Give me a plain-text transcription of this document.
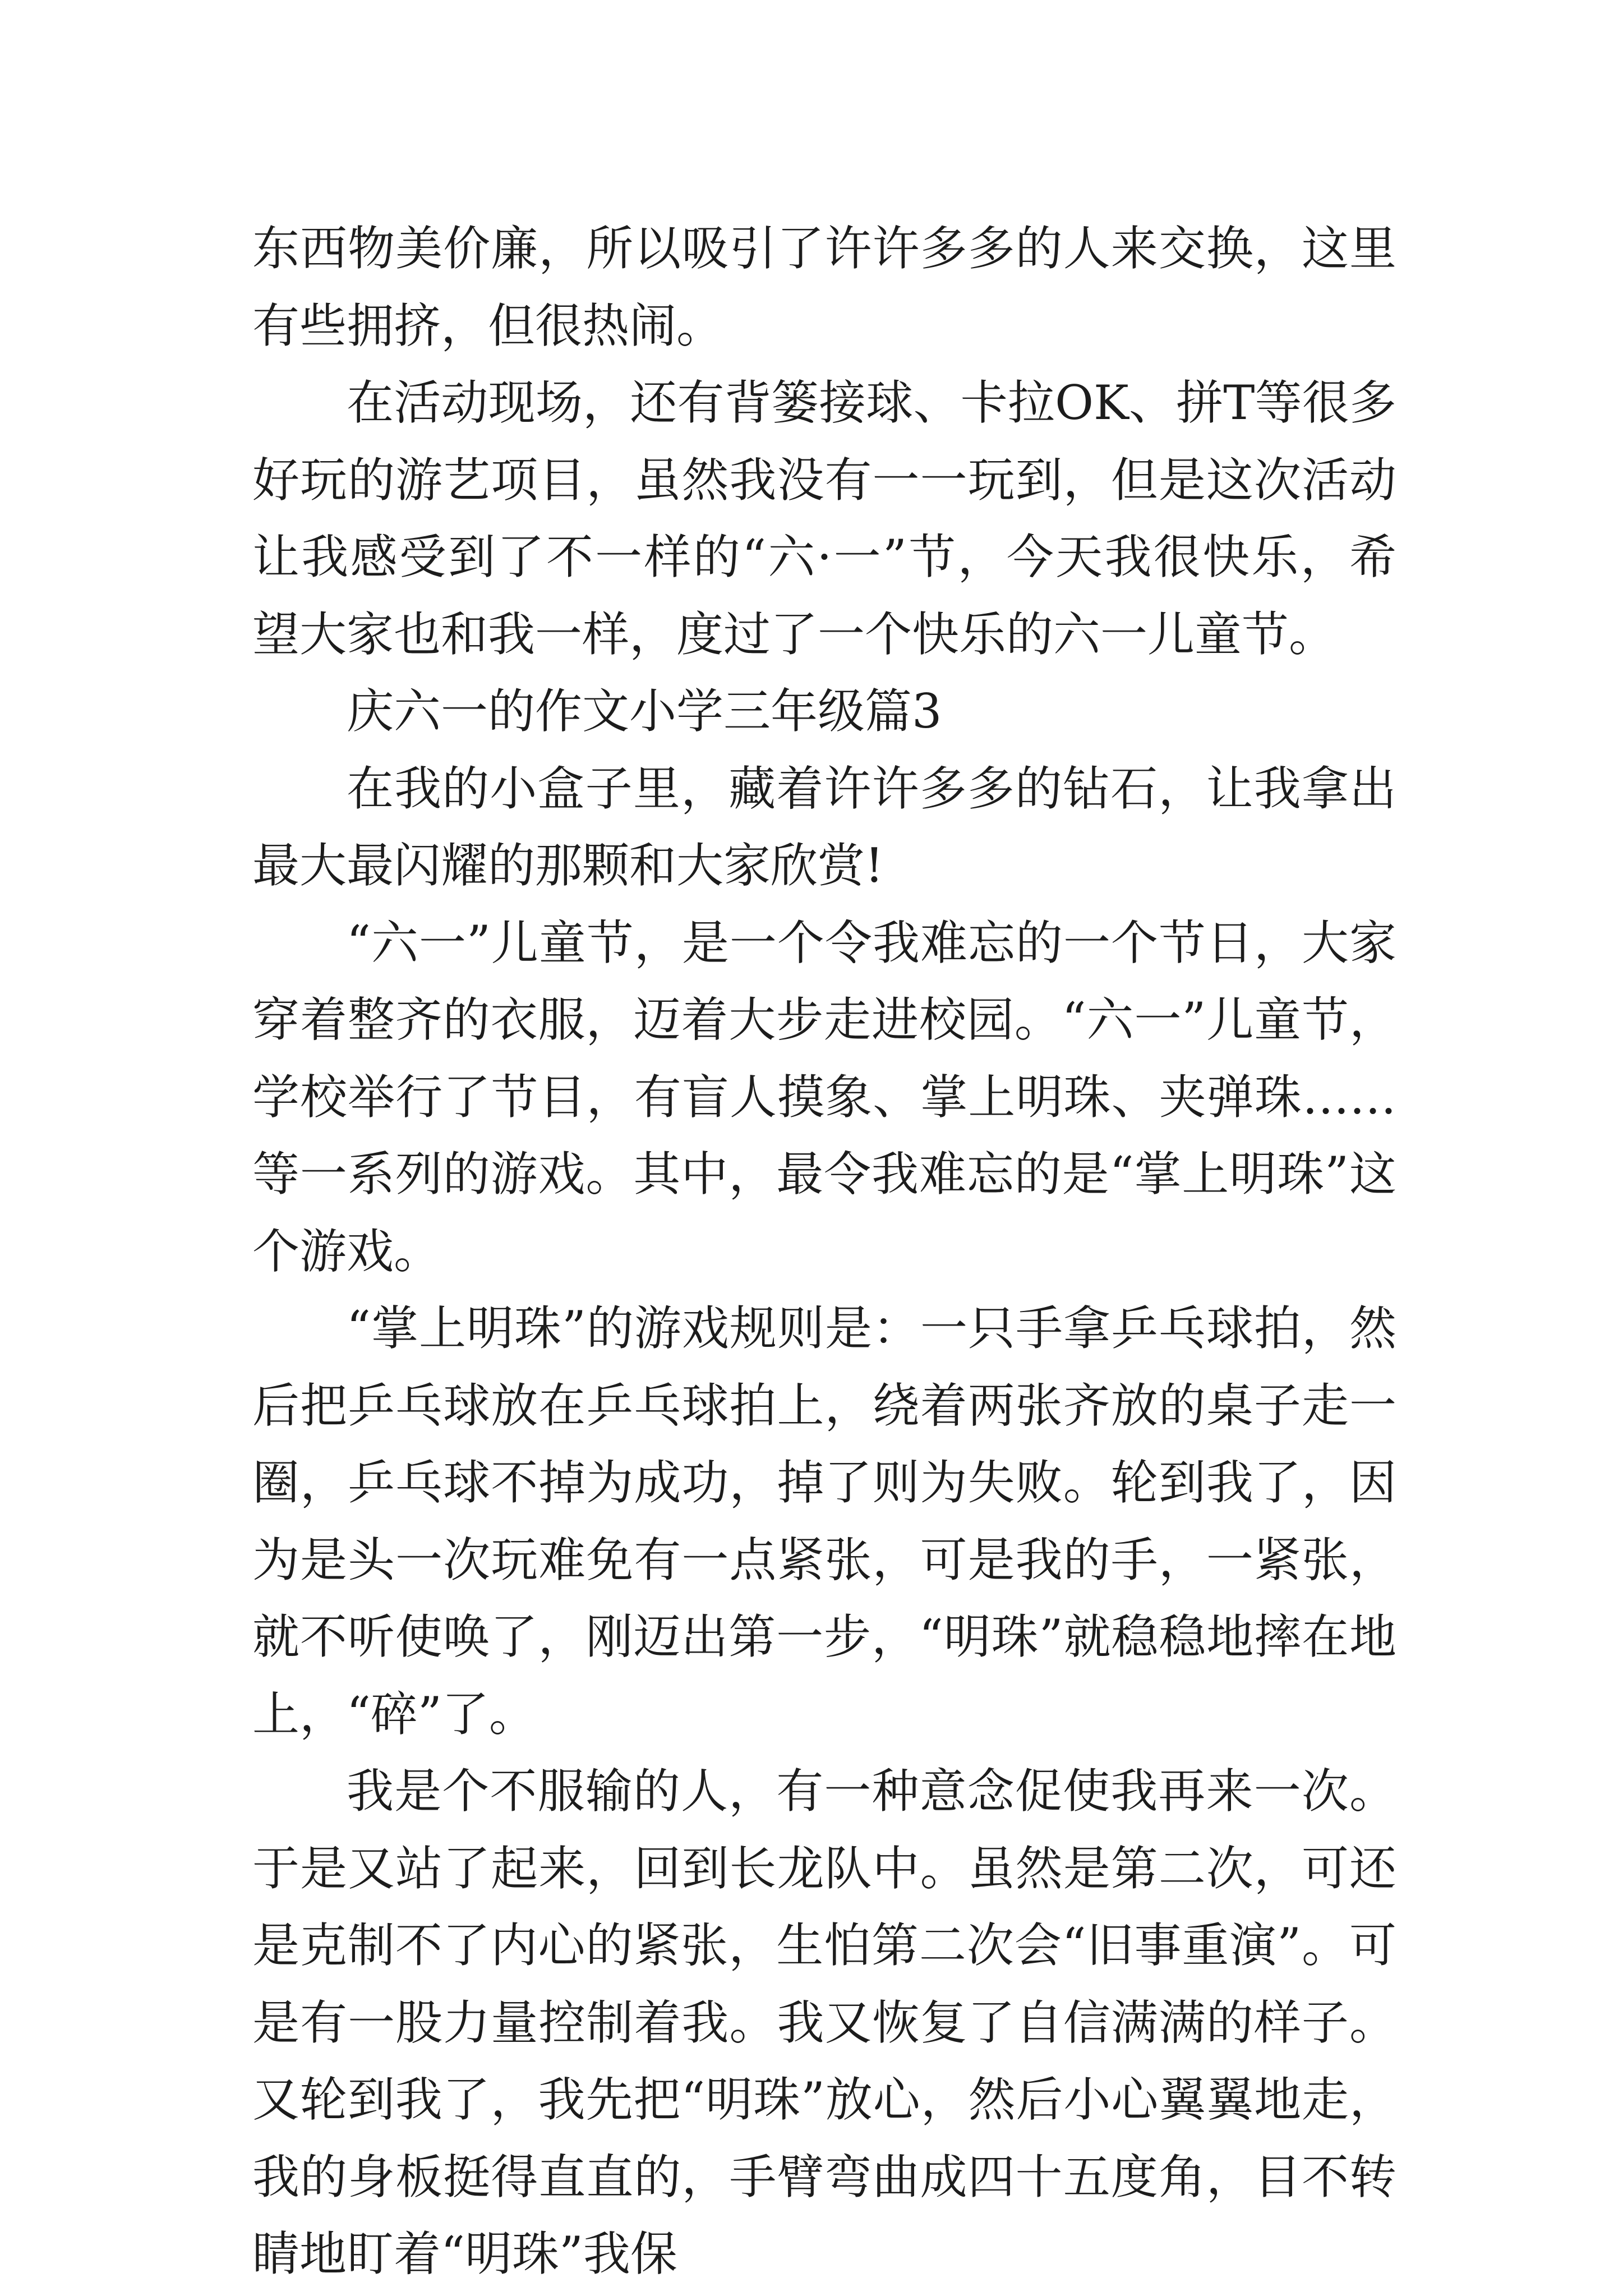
东西物美价廉，所以吸引了许许多多的人来交换，这里有些拥挤，但很热闹。

在活动现场，还有背篓接球、卡拉OK、拼T等很多好玩的游艺项目，虽然我没有一一玩到，但是这次活动让我感受到了不一样的“六·一”节，今天我很快乐，希望大家也和我一样，度过了一个快乐的六一儿童节。

庆六一的作文小学三年级篇3

在我的小盒子里，藏着许许多多的钻石，让我拿出最大最闪耀的那颗和大家欣赏!

“六一”儿童节，是一个令我难忘的一个节日，大家穿着整齐的衣服，迈着大步走进校园。“六一”儿童节，学校举行了节目，有盲人摸象、掌上明珠、夹弹珠……等一系列的游戏。其中，最令我难忘的是“掌上明珠”这个游戏。

“掌上明珠”的游戏规则是：一只手拿乒乓球拍，然后把乒乓球放在乒乓球拍上，绕着两张齐放的桌子走一圈，乒乓球不掉为成功，掉了则为失败。轮到我了，因为是头一次玩难免有一点紧张，可是我的手，一紧张，就不听使唤了，刚迈出第一步，“明珠”就稳稳地摔在地上，“碎”了。

我是个不服输的人，有一种意念促使我再来一次。于是又站了起来，回到长龙队中。虽然是第二次，可还是克制不了内心的紧张，生怕第二次会“旧事重演”。可是有一股力量控制着我。我又恢复了自信满满的样子。又轮到我了，我先把“明珠”放心，然后小心翼翼地走，我的身板挺得直直的，手臂弯曲成四十五度角，目不转睛地盯着“明珠”我保
